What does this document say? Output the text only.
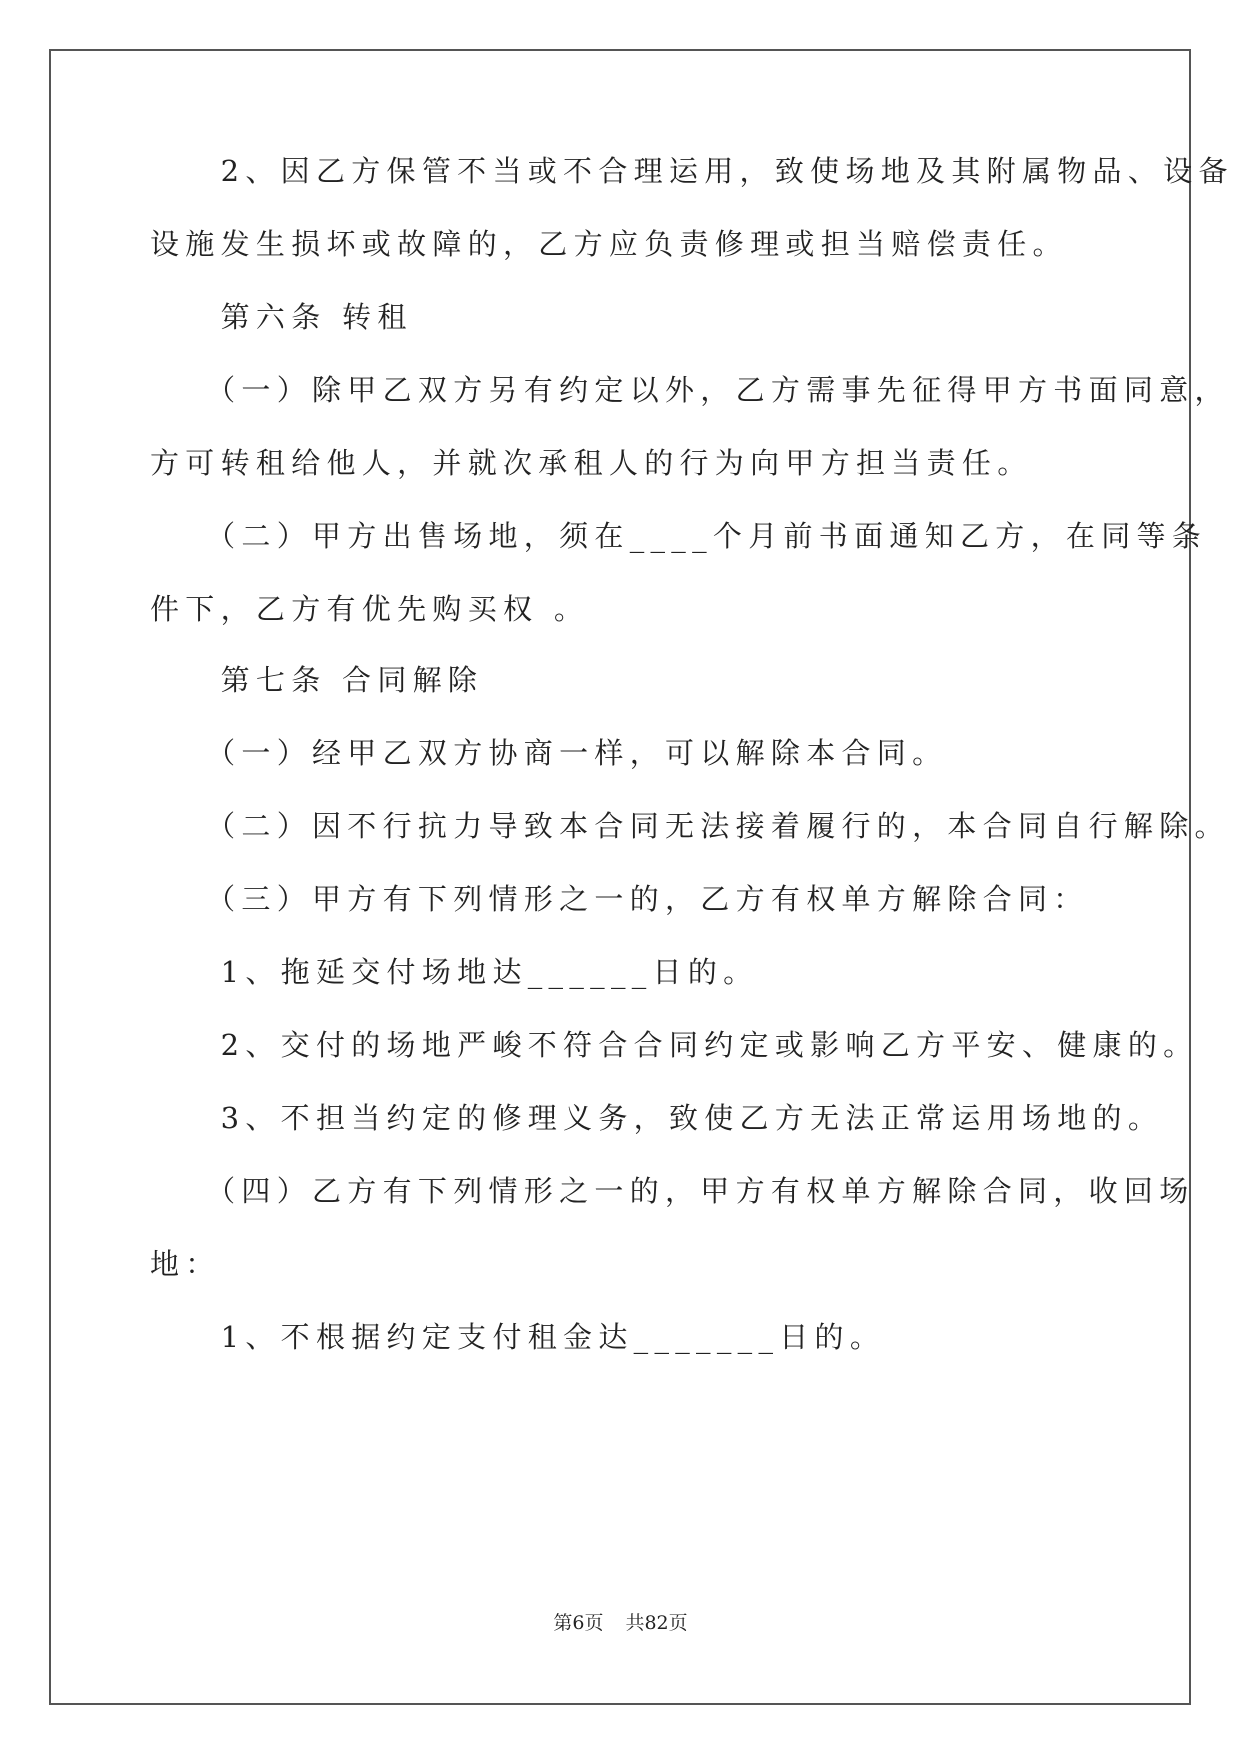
　　2、因乙方保管不当或不合理运用，致使场地及其附属物品、设备

设施发生损坏或故障的，乙方应负责修理或担当赔偿责任。

　　第六条 转租

　　（一）除甲乙双方另有约定以外，乙方需事先征得甲方书面同意，

方可转租给他人，并就次承租人的行为向甲方担当责任。

　　（二）甲方出售场地，须在____个月前书面通知乙方，在同等条

件下，乙方有优先购买权 。

　　第七条 合同解除

　　（一）经甲乙双方协商一样，可以解除本合同。

　　（二）因不行抗力导致本合同无法接着履行的，本合同自行解除。

　　（三）甲方有下列情形之一的，乙方有权单方解除合同：

　　1、拖延交付场地达______日的。

　　2、交付的场地严峻不符合合同约定或影响乙方平安、健康的。

　　3、不担当约定的修理义务，致使乙方无法正常运用场地的。

　　（四）乙方有下列情形之一的，甲方有权单方解除合同，收回场

地：

　　1、不根据约定支付租金达_______日的。

第6页 共82页
